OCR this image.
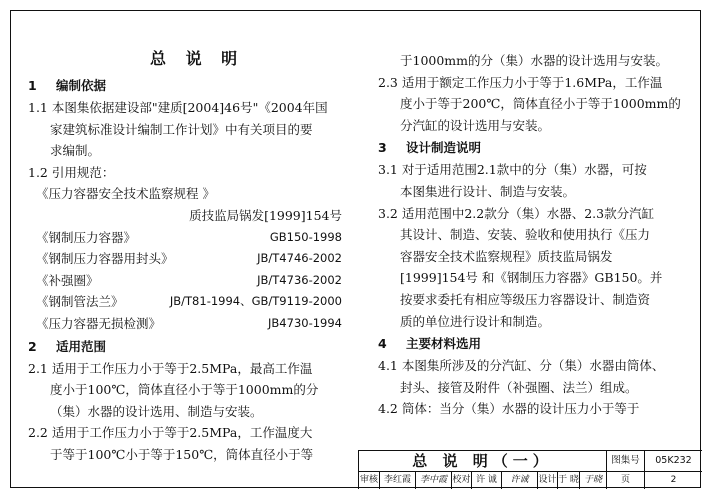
总 说 明
1 编制依据
1.1 本图集依据建设部"建质[2004]46号"《2004年国
家建筑标准设计编制工作计划》中有关项目的要
求编制。
1.2 引用规范：
《压力容器安全技术监察规程 》
质技监局锅发[1999]154号
《钢制压力容器》	GB150-1998
《钢制压力容器用封头》	JB/T4746-2002
《补强圈》	JB/T4736-2002
《钢制管法兰》	JB/T81-1994、GB/T9119-2000
《压力容器无损检测》	JB4730-1994
2 适用范围
2.1 适用于工作压力小于等于2.5MPa，最高工作温
度小于100℃，筒体直径小于等于1000mm的分
（集）水器的设计选用、制造与安装。
2.2 适用于工作压力小于等于2.5MPa，工作温度大
于等于100℃小于等于150℃，筒体直径小于等
于1000mm的分（集）水器的设计选用与安装。
2.3 适用于额定工作压力小于等于1.6MPa，工作温
度小于等于200℃，筒体直径小于等于1000mm的
分汽缸的设计选用与安装。
3 设计制造说明
3.1 对于适用范围2.1款中的分（集）水器，可按
本图集进行设计、制造与安装。
3.2 适用范围中2.2款分（集）水器、2.3款分汽缸
其设计、制造、安装、验收和使用执行《压力
容器安全技术监察规程》质技监局锅发
[1999]154号 和《钢制压力容器》GB150。并
按要求委托有相应等级压力容器设计、制造资
质的单位进行设计和制造。
4 主要材料选用
4.1 本图集所涉及的分汽缸、分（集）水器由筒体、
封头、接管及附件（补强圈、法兰）组成。
4.2 筒体：当分（集）水器的设计压力小于等于
总 说 明（一）	图集号	05K232
审核 李红霞 李中霞 校对 许 诚	许诚	设计 于 晓 于晓	页	2
